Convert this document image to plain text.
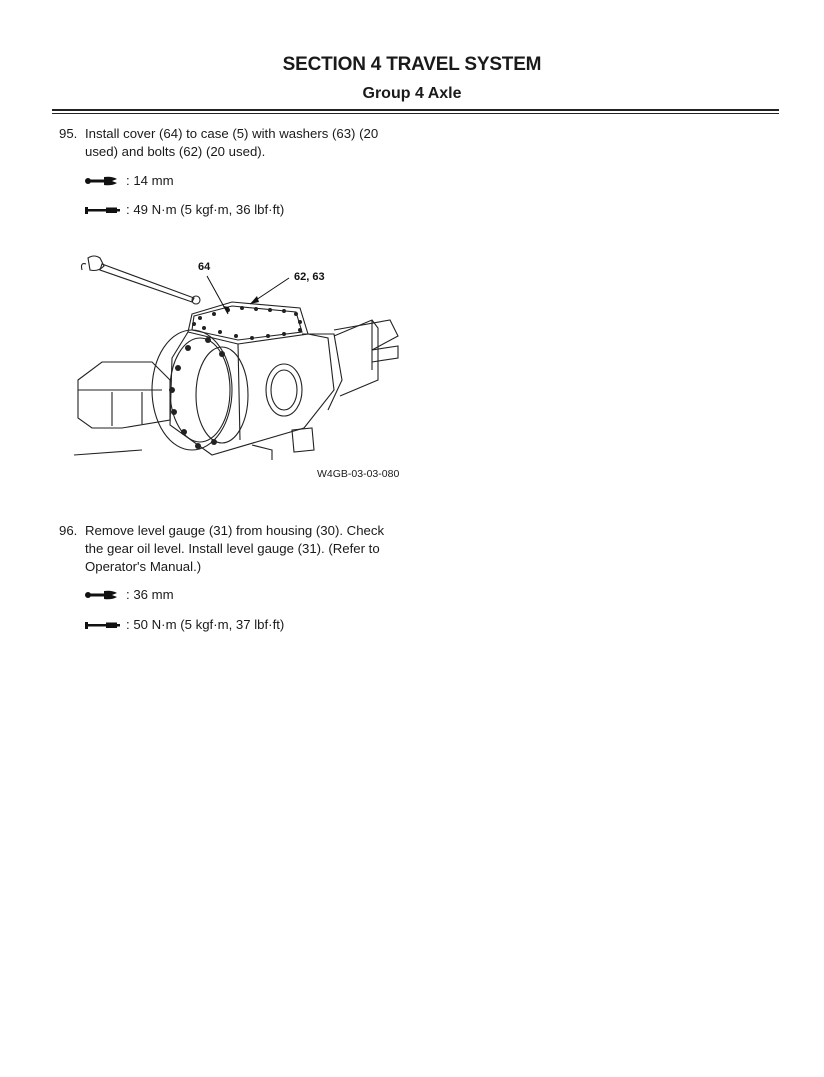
SECTION 4 TRAVEL SYSTEM
Group 4 Axle
95. Install cover (64) to case (5) with washers (63) (20 used) and bolts (62) (20 used).
: 14 mm
: 49 N·m (5 kgf·m, 36 lbf·ft)
64
62, 63
W4GB-03-03-080
96. Remove level gauge (31) from housing (30). Check the gear oil level. Install level gauge (31). (Refer to Operator's Manual.)
: 36 mm
: 50 N·m (5 kgf·m, 37 lbf·ft)
